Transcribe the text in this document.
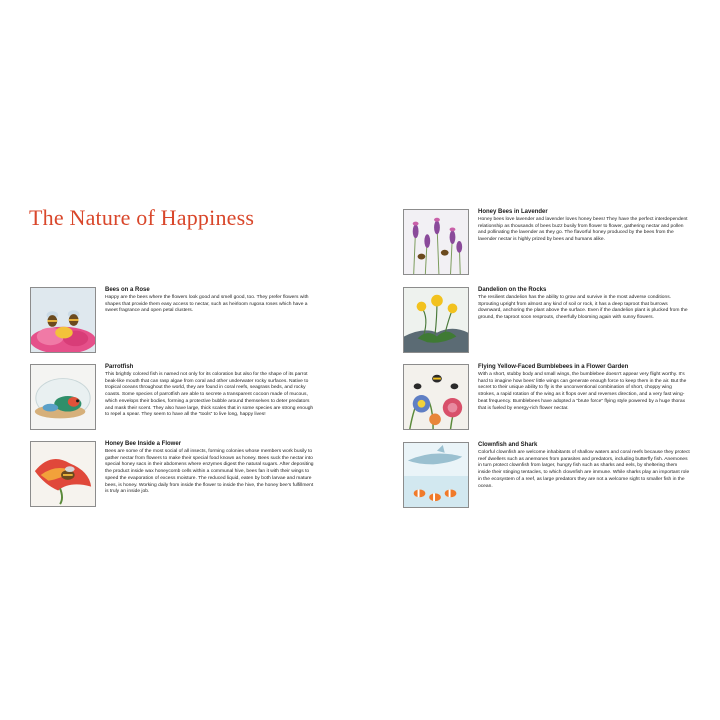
The Nature of Happiness

Bees on a Rose

Happy are the bees where the flowers look good and smell good, too. They prefer flowers with shapes that provide them easy access to nectar, such as heirloom rugosa roses which have a sweet fragrance and open petal clusters.

Parrotfish

This brightly colored fish is named not only for its coloration but also for the shape of its parrot beak-like mouth that can rasp algae from coral and other underwater rocky surfaces. Native to tropical oceans throughout the world, they are found in coral reefs, seagrass beds, and rocky coasts. Some species of parrotfish are able to secrete a transparent cocoon made of mucous, which envelops their bodies, forming a protective bubble around themselves to deter predators and mask their scent. They also have large, thick scales that in some species are strong enough to repel a spear. They seem to have all the “tools” to live long, happy lives!

Honey Bee Inside a Flower

Bees are some of the most social of all insects, forming colonies whose members work busily to gather nectar from flowers to make their special food known as honey. Bees suck the nectar into special honey sacs in their abdomens where enzymes digest the natural sugars. After depositing the product inside wax honeycomb cells within a communal hive, bees fan it with their wings to speed the evaporation of excess moisture. The reduced liquid, eaten by both larvae and mature bees, is honey. Working daily from inside the flower to inside the hive, the honey bee’s fulfillment is truly an inside job.

Honey Bees in Lavender

Honey bees love lavender and lavender loves honey bees! They have the perfect interdependent relationship as thousands of bees buzz busily from flower to flower, gathering nectar and pollen and pollinating the lavender as they go. The flavorful honey produced by the bees from the lavender nectar is highly prized by bees and humans alike.

Dandelion on the Rocks

The resilient dandelion has the ability to grow and survive in the most adverse conditions. Sprouting upright from almost any kind of soil or rock, it has a deep taproot that burrows downward, anchoring the plant above the surface. Even if the dandelion plant is plucked from the ground, the taproot soon resprouts, cheerfully blooming again with sunny flowers.

Flying Yellow-Faced Bumblebees in a Flower Garden

With a short, stubby body and small wings, the bumblebee doesn’t appear very flight worthy. It’s hard to imagine how bees’ little wings can generate enough force to keep them in the air. But the secret to their unique ability to fly is the unconventional combination of short, choppy wing strokes, a rapid rotation of the wing as it flops over and reverses direction, and a very fast wing-beat frequency. Bumblebees have adopted a “brute force” flying style powered by a huge thorax that is fueled by energy-rich flower nectar.

Clownfish and Shark

Colorful clownfish are welcome inhabitants of shallow waters and coral reefs because they protect reef dwellers such as anemones from parasites and predators, including butterfly fish. Anemones in turn protect clownfish from larger, hungry fish such as sharks and eels, by sheltering them inside their stinging tentacles, to which clownfish are immune. While sharks play an important role in the ecosystem of a reef, as large predators they are not a welcome sight to smaller fish in the ocean.
